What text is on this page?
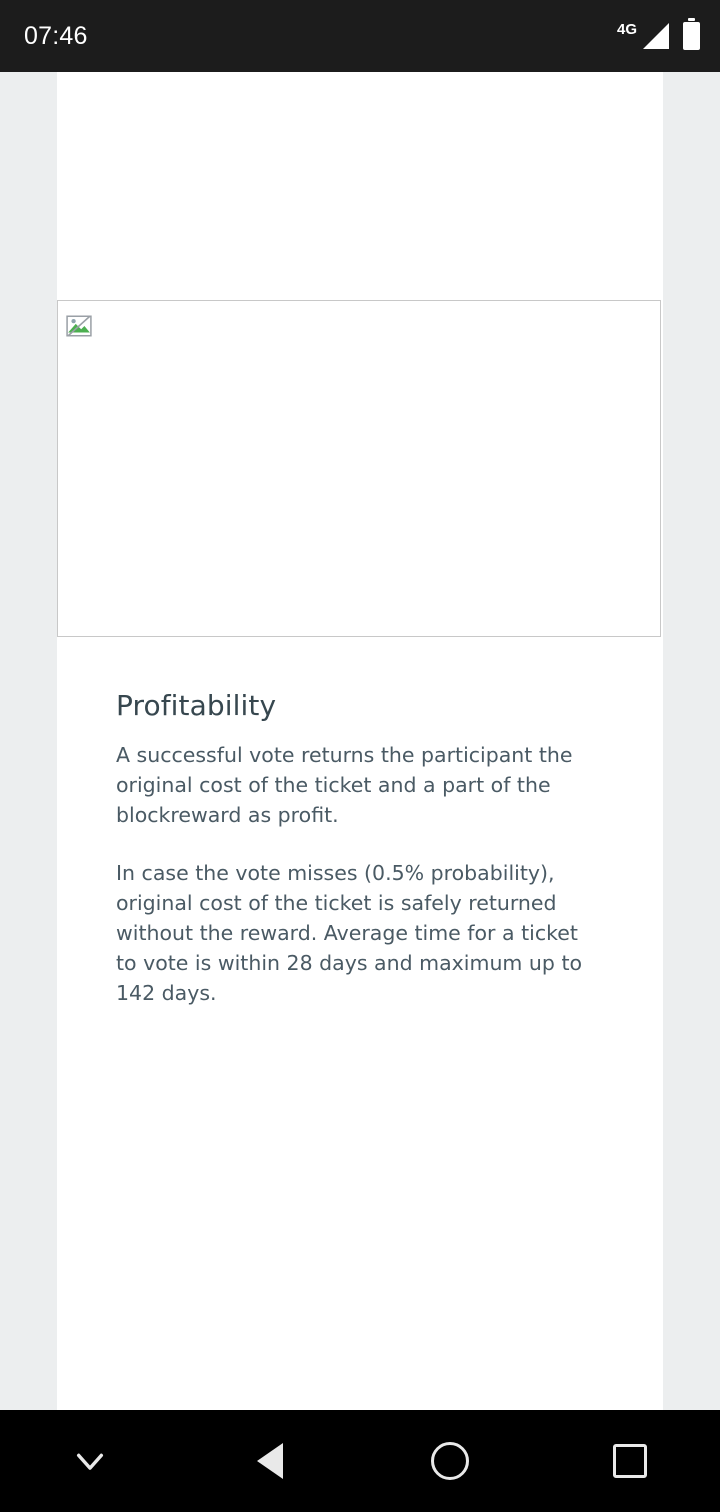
07:46	4G
Profitability

A successful vote returns the participant the original cost of the ticket and a part of the blockreward as profit.

In case the vote misses (0.5% probability), original cost of the ticket is safely returned without the reward. Average time for a ticket to vote is within 28 days and maximum up to 142 days.
